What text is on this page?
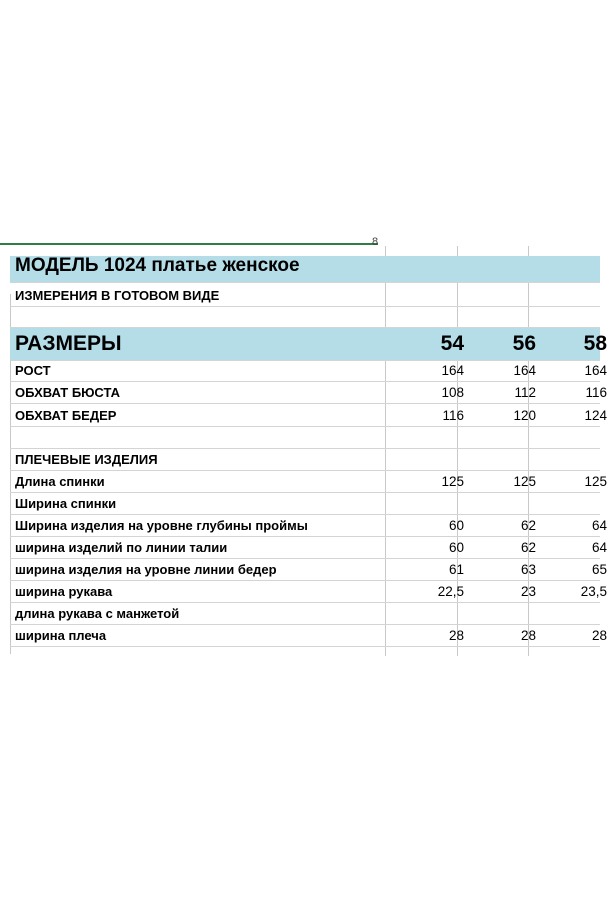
8
МОДЕЛЬ 1024 платье женское
ИЗМЕРЕНИЯ В ГОТОВОМ ВИДЕ
РАЗМЕРЫ	54	56	58
РОСТ	164	164	164
ОБХВАТ БЮСТА	108	112	116
ОБХВАТ БЕДЕР	116	120	124
ПЛЕЧЕВЫЕ ИЗДЕЛИЯ
Длина спинки	125	125	125
Ширина спинки
Ширина изделия на уровне глубины проймы	60	62	64
ширина изделий по линии талии	60	62	64
ширина изделия на уровне линии бедер	61	63	65
ширина рукава	22,5	23	23,5
длина рукава с манжетой
ширина плеча	28	28	28
